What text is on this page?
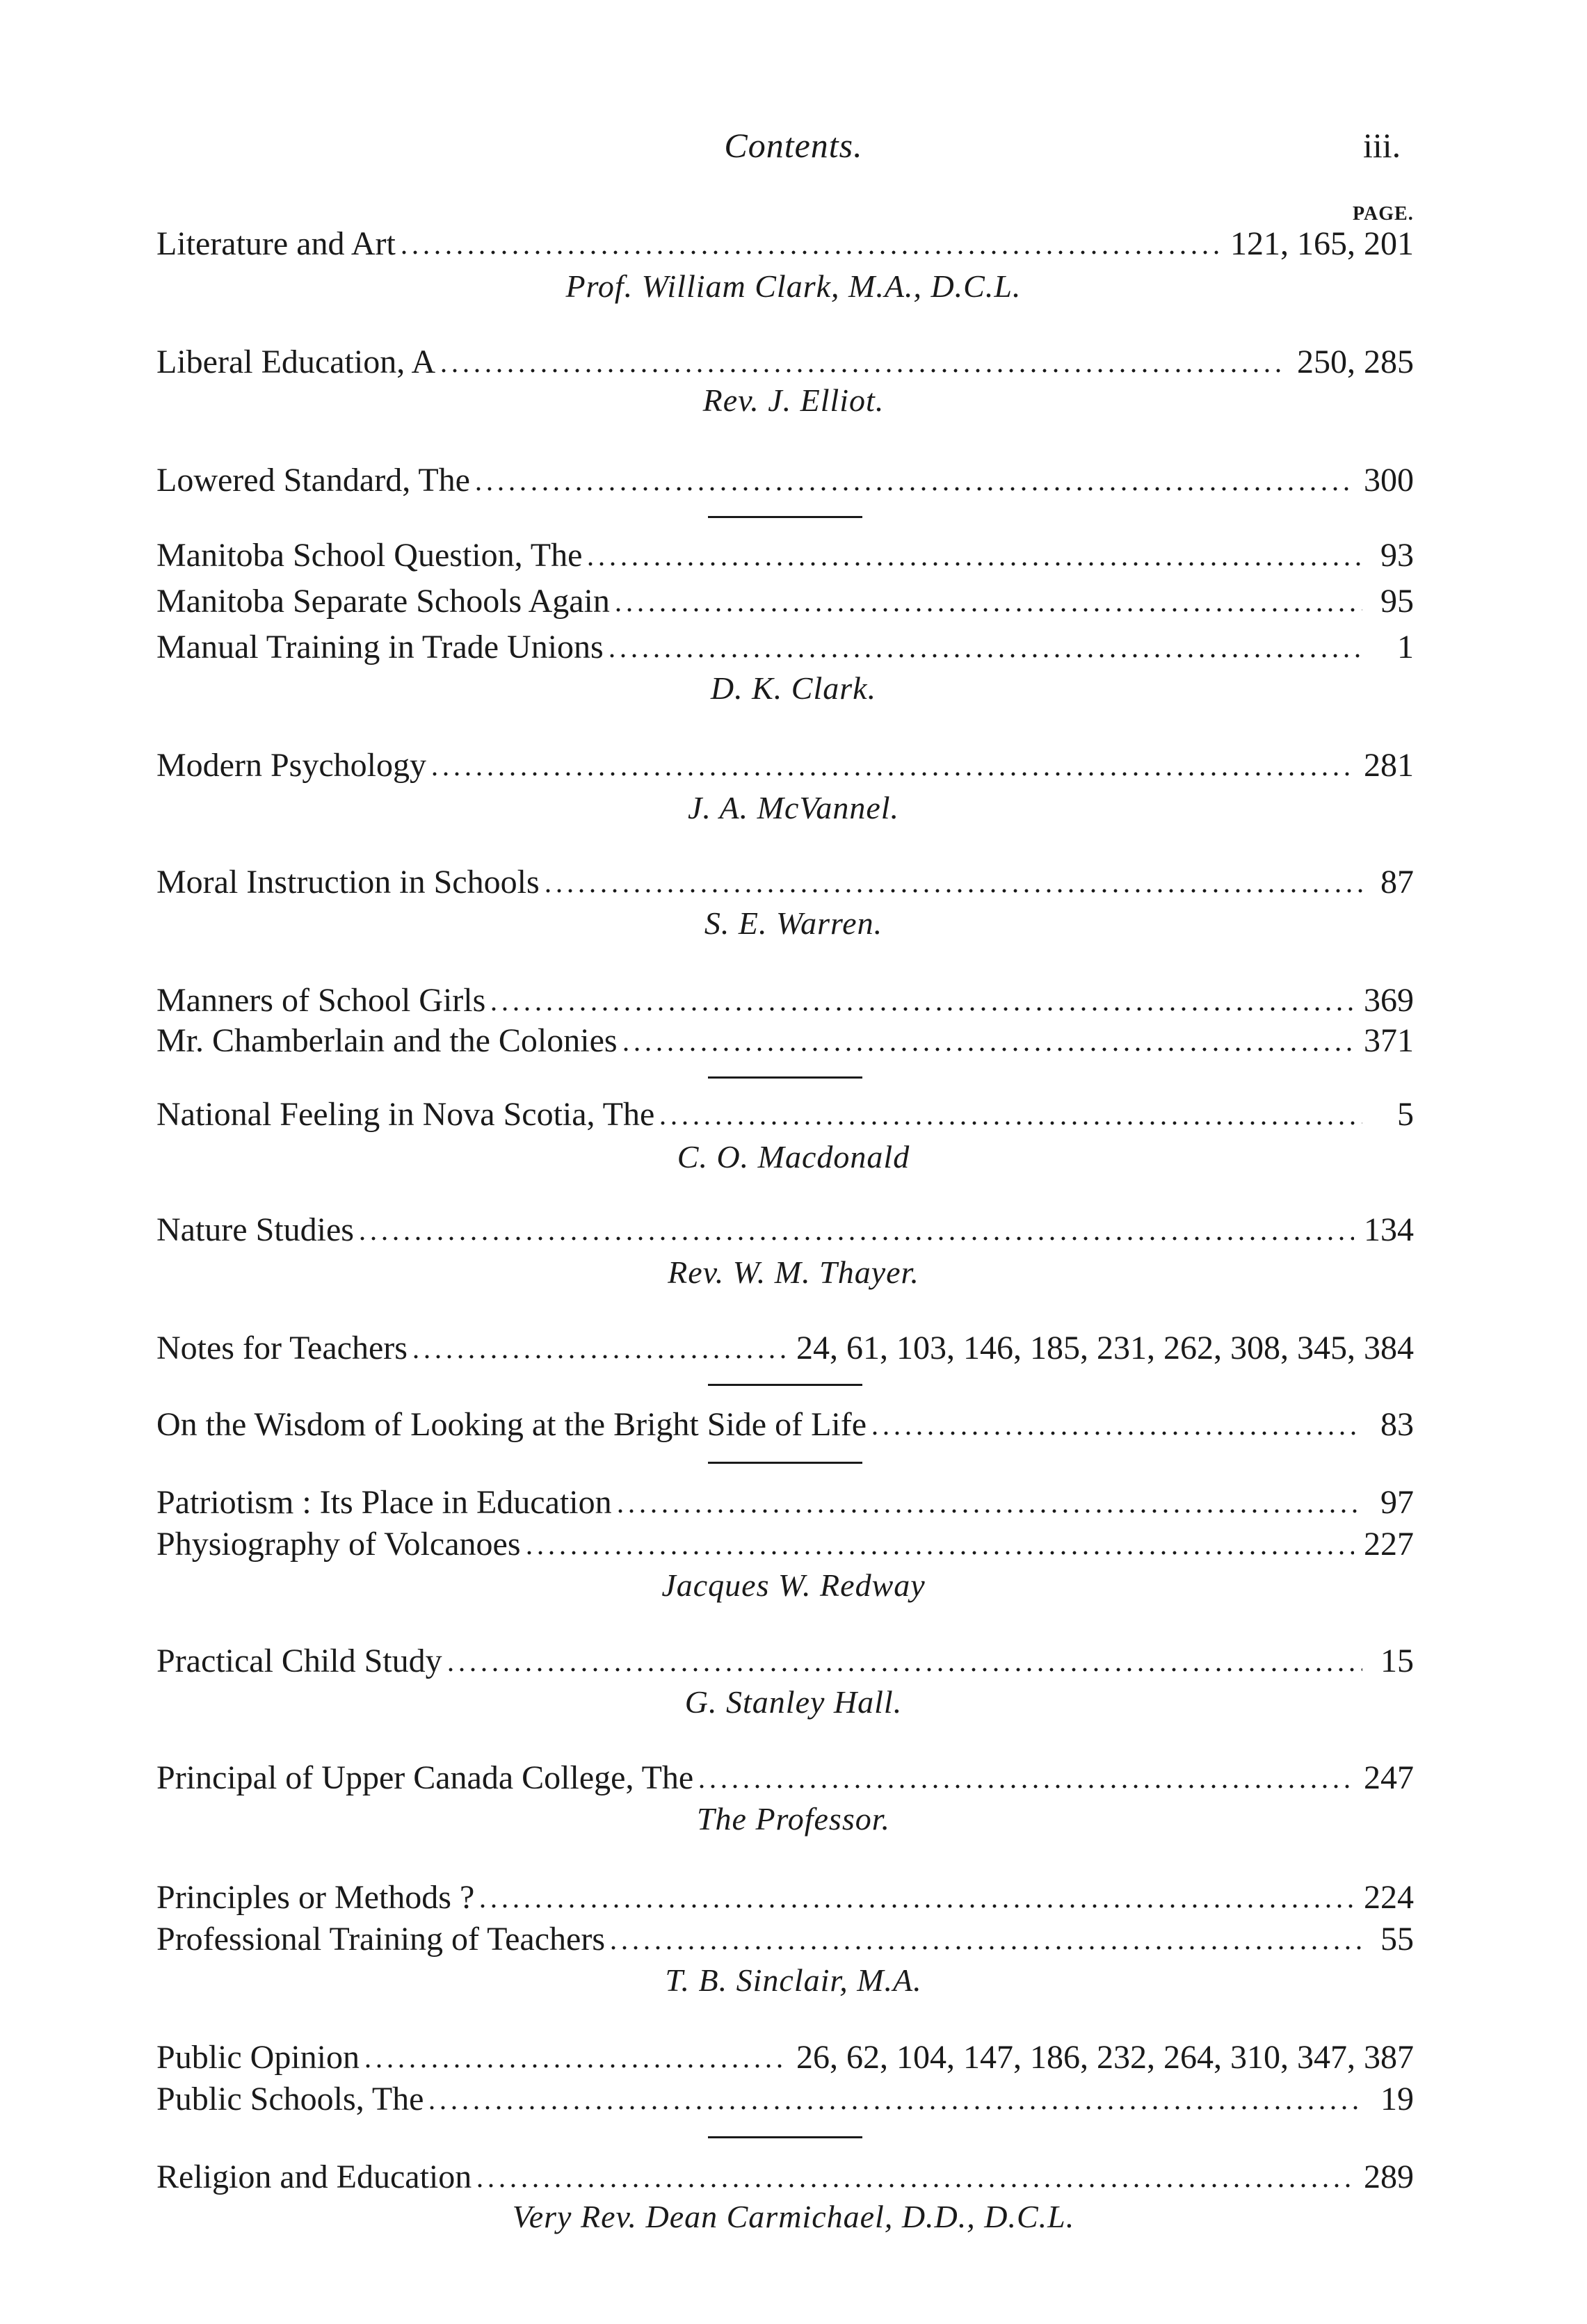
Contents.	iii.
PAGE.
Literature and Art	121, 165, 201
Prof. William Clark, M.A., D.C.L.
Liberal Education, A	250, 285
Rev. J. Elliot.
Lowered Standard, The	300
Manitoba School Question, The	93
Manitoba Separate Schools Again	95
Manual Training in Trade Unions	1
D. K. Clark.
Modern Psychology	281
J. A. McVannel.
Moral Instruction in Schools	87
S. E. Warren.
Manners of School Girls	369
Mr. Chamberlain and the Colonies	371
National Feeling in Nova Scotia, The	5
C. O. Macdonald
Nature Studies	134
Rev. W. M. Thayer.
Notes for Teachers	24, 61, 103, 146, 185, 231, 262, 308, 345, 384
On the Wisdom of Looking at the Bright Side of Life	83
Patriotism : Its Place in Education	97
Physiography of Volcanoes	227
Jacques W. Redway
Practical Child Study	15
G. Stanley Hall.
Principal of Upper Canada College, The	247
The Professor.
Principles or Methods ?	224
Professional Training of Teachers	55
T. B. Sinclair, M.A.
Public Opinion	26, 62, 104, 147, 186, 232, 264, 310, 347, 387
Public Schools, The	19
Religion and Education	289
Very Rev. Dean Carmichael, D.D., D.C.L.
